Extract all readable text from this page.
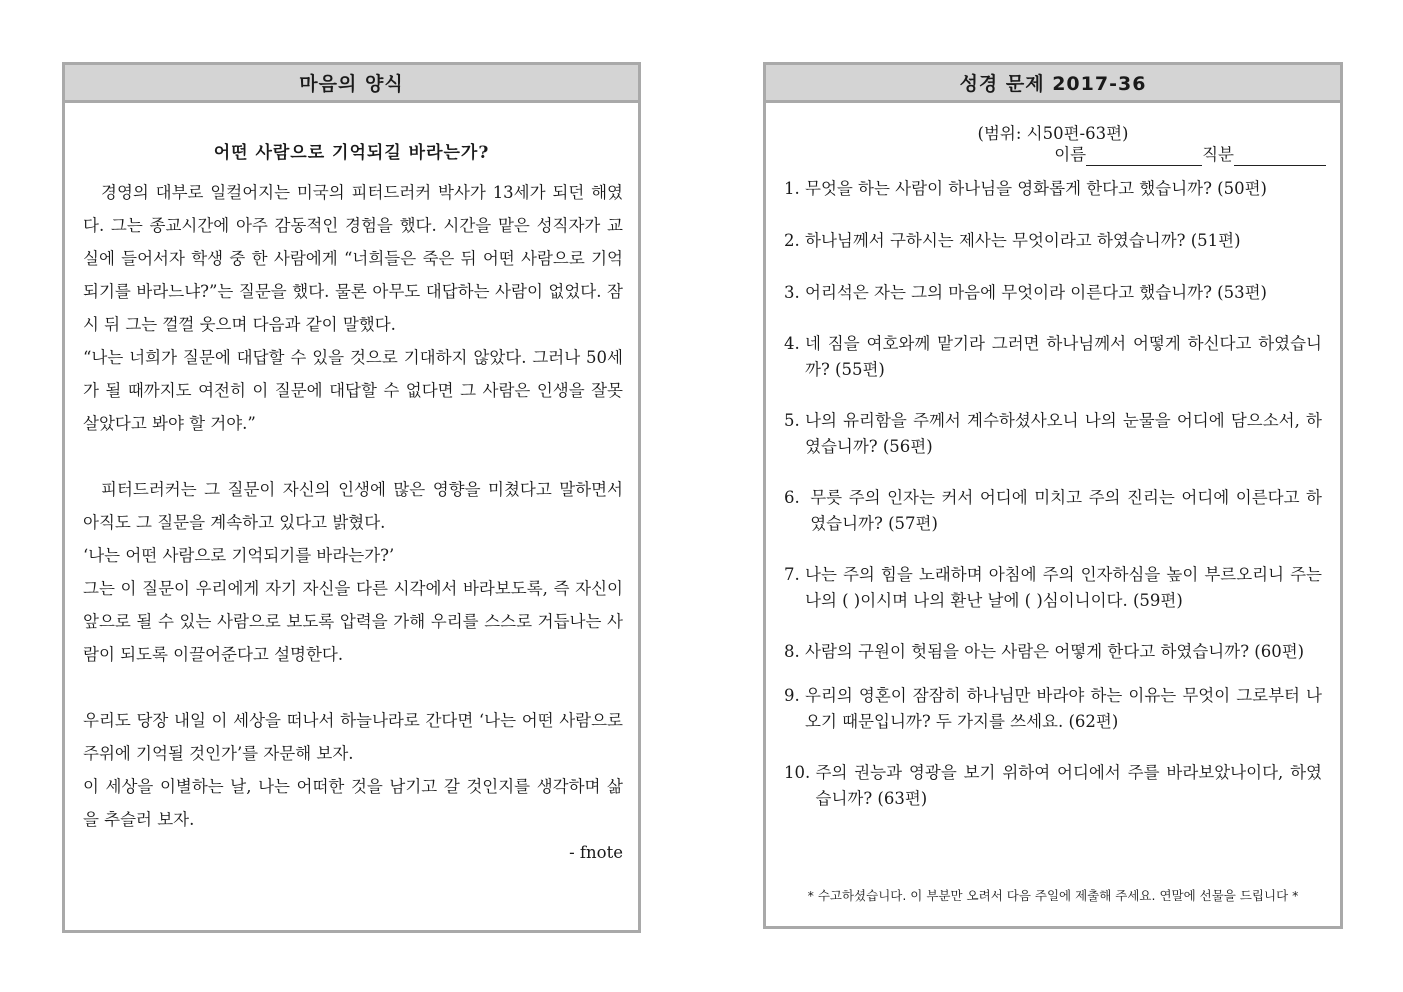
마음의 양식
어떤 사람으로 기억되길 바라는가?

경영의 대부로 일컬어지는 미국의 피터드러커 박사가 13세가 되던 해였다. 그는 종교시간에 아주 감동적인 경험을 했다. 시간을 맡은 성직자가 교실에 들어서자 학생 중 한 사람에게 “너희들은 죽은 뒤 어떤 사람으로 기억되기를 바라느냐?”는 질문을 했다. 물론 아무도 대답하는 사람이 없었다. 잠시 뒤 그는 껄껄 웃으며 다음과 같이 말했다.

“나는 너희가 질문에 대답할 수 있을 것으로 기대하지 않았다. 그러나 50세가 될 때까지도 여전히 이 질문에 대답할 수 없다면 그 사람은 인생을 잘못 살았다고 봐야 할 거야.”

피터드러커는 그 질문이 자신의 인생에 많은 영향을 미쳤다고 말하면서 아직도 그 질문을 계속하고 있다고 밝혔다.

‘나는 어떤 사람으로 기억되기를 바라는가?’

그는 이 질문이 우리에게 자기 자신을 다른 시각에서 바라보도록, 즉 자신이 앞으로 될 수 있는 사람으로 보도록 압력을 가해 우리를 스스로 거듭나는 사람이 되도록 이끌어준다고 설명한다.

우리도 당장 내일 이 세상을 떠나서 하늘나라로 간다면 ‘나는 어떤 사람으로 주위에 기억될 것인가’를 자문해 보자.

이 세상을 이별하는 날, 나는 어떠한 것을 남기고 갈 것인지를 생각하며 삶을 추슬러 보자.

- fnote

성경 문제 2017-36
(범위: 시50편-63편)
이름	직분
1. 무엇을 하는 사람이 하나님을 영화롭게 한다고 했습니까? (50편)
2. 하나님께서 구하시는 제사는 무엇이라고 하였습니까? (51편)
3. 어리석은 자는 그의 마음에 무엇이라 이른다고 했습니까? (53편)
4. 네 짐을 여호와께 맡기라 그러면 하나님께서 어떻게 하신다고 하였습니까? (55편)
5. 나의 유리함을 주께서 계수하셨사오니 나의 눈물을 어디에 담으소서, 하였습니까? (56편)
6. 무릇 주의 인자는 커서 어디에 미치고 주의 진리는 어디에 이른다고 하였습니까? (57편)
7. 나는 주의 힘을 노래하며 아침에 주의 인자하심을 높이 부르오리니 주는 나의 ( )이시며 나의 환난 날에 ( )심이니이다. (59편)
8. 사람의 구원이 헛됨을 아는 사람은 어떻게 한다고 하였습니까? (60편)
9. 우리의 영혼이 잠잠히 하나님만 바라야 하는 이유는 무엇이 그로부터 나오기 때문입니까? 두 가지를 쓰세요. (62편)
10. 주의 권능과 영광을 보기 위하여 어디에서 주를 바라보았나이다, 하였습니까? (63편)
* 수고하셨습니다. 이 부분만 오려서 다음 주일에 제출해 주세요. 연말에 선물을 드립니다 *
